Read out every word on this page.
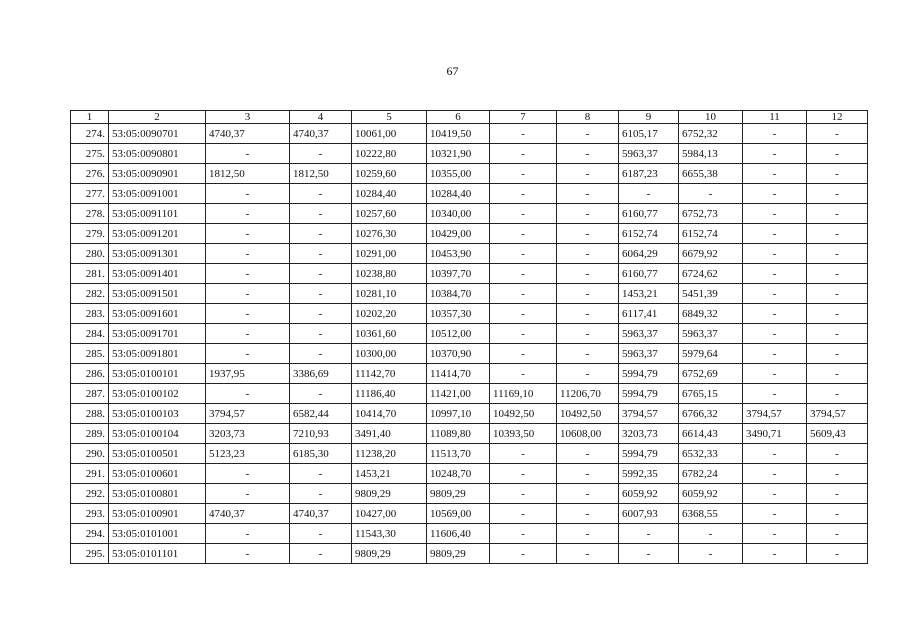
67
1	2	3	4	5	6	7	8	9	10	11	12
274.	53:05:0090701	4740,37	4740,37	10061,00	10419,50	-	-	6105,17	6752,32	-	-
275.	53:05:0090801	-	-	10222,80	10321,90	-	-	5963,37	5984,13	-	-
276.	53:05:0090901	1812,50	1812,50	10259,60	10355,00	-	-	6187,23	6655,38	-	-
277.	53:05:0091001	-	-	10284,40	10284,40	-	-	-	-	-	-
278.	53:05:0091101	-	-	10257,60	10340,00	-	-	6160,77	6752,73	-	-
279.	53:05:0091201	-	-	10276,30	10429,00	-	-	6152,74	6152,74	-	-
280.	53:05:0091301	-	-	10291,00	10453,90	-	-	6064,29	6679,92	-	-
281.	53:05:0091401	-	-	10238,80	10397,70	-	-	6160,77	6724,62	-	-
282.	53:05:0091501	-	-	10281,10	10384,70	-	-	1453,21	5451,39	-	-
283.	53:05:0091601	-	-	10202,20	10357,30	-	-	6117,41	6849,32	-	-
284.	53:05:0091701	-	-	10361,60	10512,00	-	-	5963,37	5963,37	-	-
285.	53:05:0091801	-	-	10300,00	10370,90	-	-	5963,37	5979,64	-	-
286.	53:05:0100101	1937,95	3386,69	11142,70	11414,70	-	-	5994,79	6752,69	-	-
287.	53:05:0100102	-	-	11186,40	11421,00	11169,10	11206,70	5994,79	6765,15	-	-
288.	53:05:0100103	3794,57	6582,44	10414,70	10997,10	10492,50	10492,50	3794,57	6766,32	3794,57	3794,57
289.	53:05:0100104	3203,73	7210,93	3491,40	11089,80	10393,50	10608,00	3203,73	6614,43	3490,71	5609,43
290.	53:05:0100501	5123,23	6185,30	11238,20	11513,70	-	-	5994,79	6532,33	-	-
291.	53:05:0100601	-	-	1453,21	10248,70	-	-	5992,35	6782,24	-	-
292.	53:05:0100801	-	-	9809,29	9809,29	-	-	6059,92	6059,92	-	-
293.	53:05:0100901	4740,37	4740,37	10427,00	10569,00	-	-	6007,93	6368,55	-	-
294.	53:05:0101001	-	-	11543,30	11606,40	-	-	-	-	-	-
295.	53:05:0101101	-	-	9809,29	9809,29	-	-	-	-	-	-
